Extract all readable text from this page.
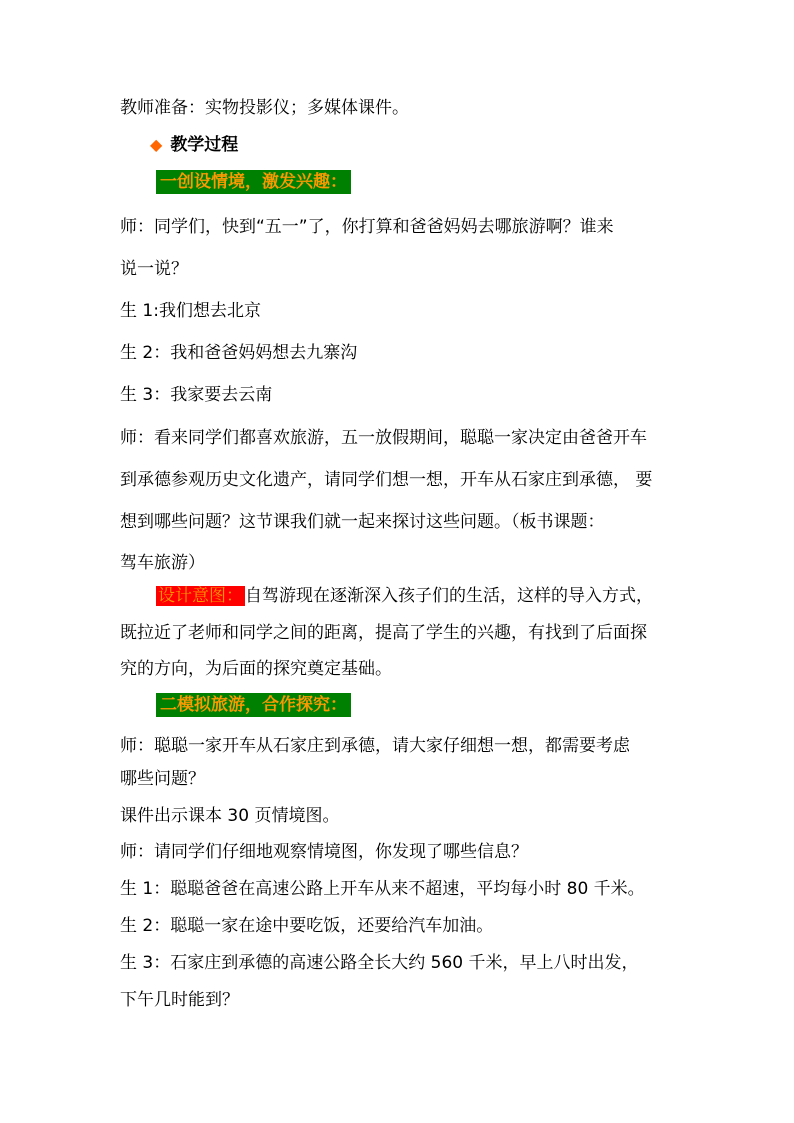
教师准备：实物投影仪；多媒体课件。
◆ 教学过程
一创设情境，激发兴趣：
师：同学们，快到“五一”了，你打算和爸爸妈妈去哪旅游啊？谁来
说一说？
生 1:我们想去北京
生 2：我和爸爸妈妈想去九寨沟
生 3：我家要去云南
师：看来同学们都喜欢旅游，五一放假期间，聪聪一家决定由爸爸开车
到承德参观历史文化遗产，请同学们想一想，开车从石家庄到承德， 要
想到哪些问题？这节课我们就一起来探讨这些问题。（板书课题：
驾车旅游）
设计意图： 自驾游现在逐渐深入孩子们的生活，这样的导入方式，
既拉近了老师和同学之间的距离，提高了学生的兴趣，有找到了后面探
究的方向，为后面的探究奠定基础。
二模拟旅游，合作探究：
师：聪聪一家开车从石家庄到承德，请大家仔细想一想，都需要考虑
哪些问题？
课件出示课本 30 页情境图。
师：请同学们仔细地观察情境图，你发现了哪些信息？
生 1：聪聪爸爸在高速公路上开车从来不超速，平均每小时 80 千米。
生 2：聪聪一家在途中要吃饭，还要给汽车加油。
生 3：石家庄到承德的高速公路全长大约 560 千米，早上八时出发，
下午几时能到？
